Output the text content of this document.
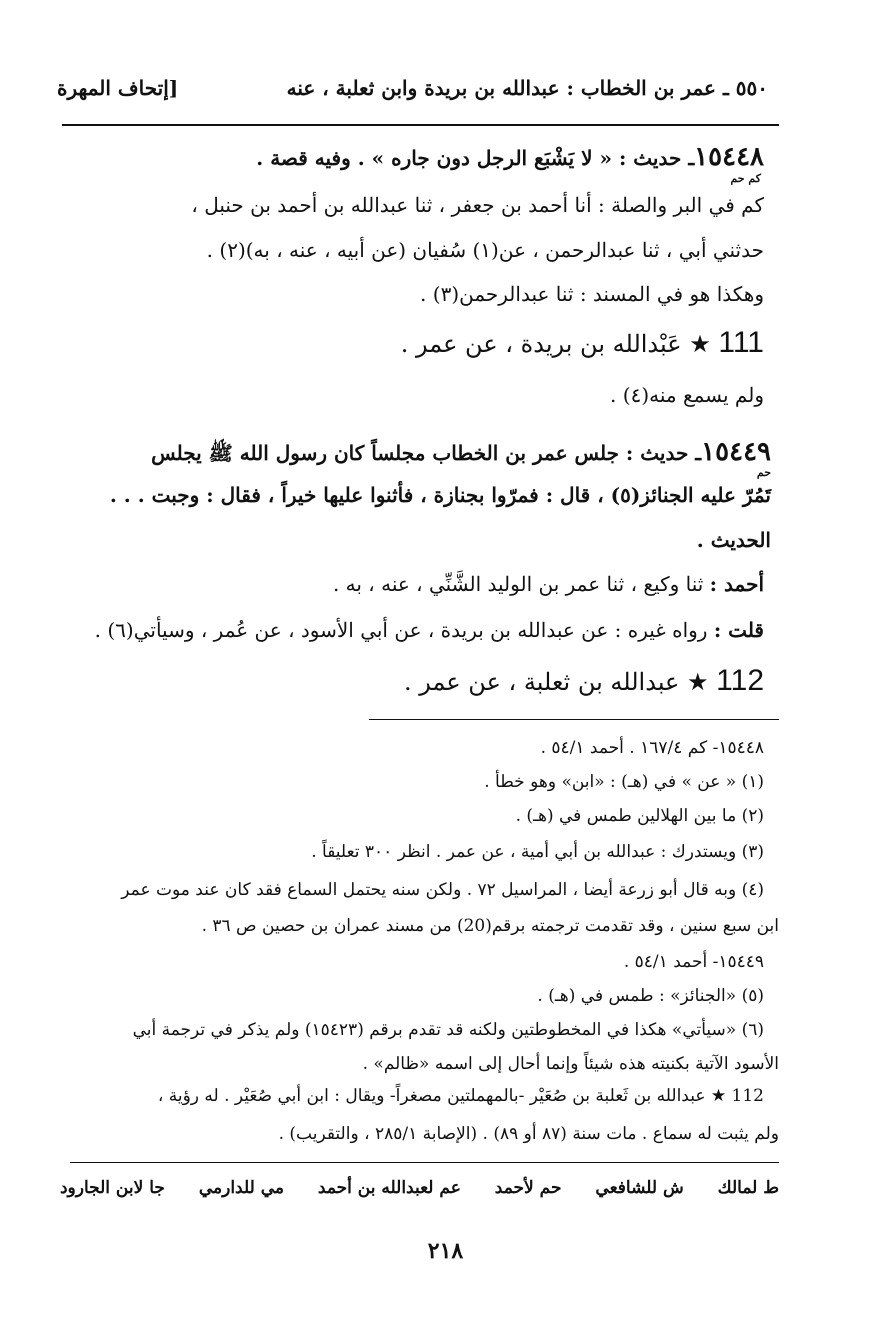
٥٥٠ ـ عمر بن الخطاب : عبدالله بن بريدة وابن ثعلبة ، عنه
[إتحاف المهرة
١٥٤٤٨ـ حديث : « لا يَشْبَع الرجل دون جاره » . وفيه قصة .
كم حم
كم في البر والصلة : أنا أحمد بن جعفر ، ثنا عبدالله بن أحمد بن حنبل ،
حدثني أبي ، ثنا عبدالرحمن ، عن(١) سُفيان (عن أبيه ، عنه ، به)(٢) .
وهكذا هو في المسند : ثنا عبدالرحمن(٣) .
111 ★ عَبْدالله بن بريدة ، عن عمر .
ولم يسمع منه(٤) .
١٥٤٤٩ـ حديث : جلس عمر بن الخطاب مجلساً كان رسول الله ﷺ يجلس
حم
تَمُرّ عليه الجنائز(٥) ، قال : فمرّوا بجنازة ، فأثنوا عليها خيراً ، فقال : وجبت . . .
الحديث .
أحمد : ثنا وكيع ، ثنا عمر بن الوليد الشَّنِّي ، عنه ، به .
قلت : رواه غيره : عن عبدالله بن بريدة ، عن أبي الأسود ، عن عُمر ، وسيأتي(٦) .
112 ★ عبدالله بن ثعلبة ، عن عمر .
١٥٤٤٨- كم ١٦٧/٤ . أحمد ٥٤/١ .
(١) « عن » في (هـ) : «ابن» وهو خطأ .
(٢) ما بين الهلالين طمس في (هـ) .
(٣) ويستدرك : عبدالله بن أبي أمية ، عن عمر . انظر ٣٠٠ تعليقاً .
(٤) وبه قال أبو زرعة أيضا ، المراسيل ٧٢ . ولكن سنه يحتمل السماع فقد كان عند موت عمر
ابن سبع سنين ، وقد تقدمت ترجمته برقم(20) من مسند عمران بن حصين ص ٣٦ .
١٥٤٤٩- أحمد ٥٤/١ .
(٥) «الجنائز» : طمس في (هـ) .
(٦) «سيأتي» هكذا في المخطوطتين ولكنه قد تقدم برقم (١٥٤٢٣) ولم يذكر في ترجمة أبي
الأسود الآتية بكنيته هذه شيئاً وإنما أحال إلى اسمه «ظالم» .
112 ★ عبدالله بن ثَعلبة بن صُعَيْر -بالمهملتين مصغراً- ويقال : ابن أبي صُعَيْر . له رؤية ،
ولم يثبت له سماع . مات سنة (٨٧ أو ٨٩) . (الإصابة ٢٨٥/١ ، والتقريب) .
ط لمالك ش للشافعي حم لأحمد عم لعبدالله بن أحمد مي للدارمي جا لابن الجارود
٢١٨
